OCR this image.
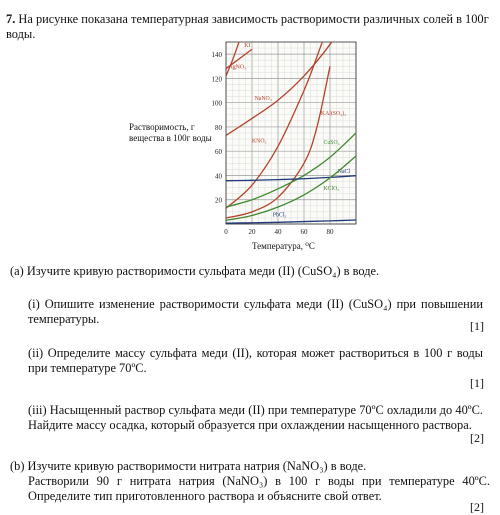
7. На рисунке показана температурная зависимость растворимости различных солей в 100г воды.
Растворимость, г вещества в 100г воды
20
40
60
80
100
120
140
0	20	40	60	80
KI
AgNO₃
NaNO₃
KAl(SO₄)₂
KNO₃	CuSO₄
NaCl
KClO₃
PbCl₂
Температура, ⁰С
(a) Изучите кривую растворимости сульфата меди (II) (CuSO₄) в воде.
(i) Опишите изменение растворимости сульфата меди (II) (CuSO₄) при повышении температуры.	[1]
(ii) Определите массу сульфата меди (II), которая может раствориться в 100 г воды при температуре 70ºС.
[1]
(iii) Насыщенный раствор сульфата меди (II) при температуре 70ºС охладили до 40ºС. Найдите массу осадка, который образуется при охлаждении насыщенного раствора.
[2]
(b) Изучите кривую растворимости нитрата натрия (NaNO₃) в воде.
Растворили 90 г нитрата натрия (NaNO₃) в 100 г воды при температуре 40ºС. Определите тип приготовленного раствора и объясните свой ответ.
[2]
